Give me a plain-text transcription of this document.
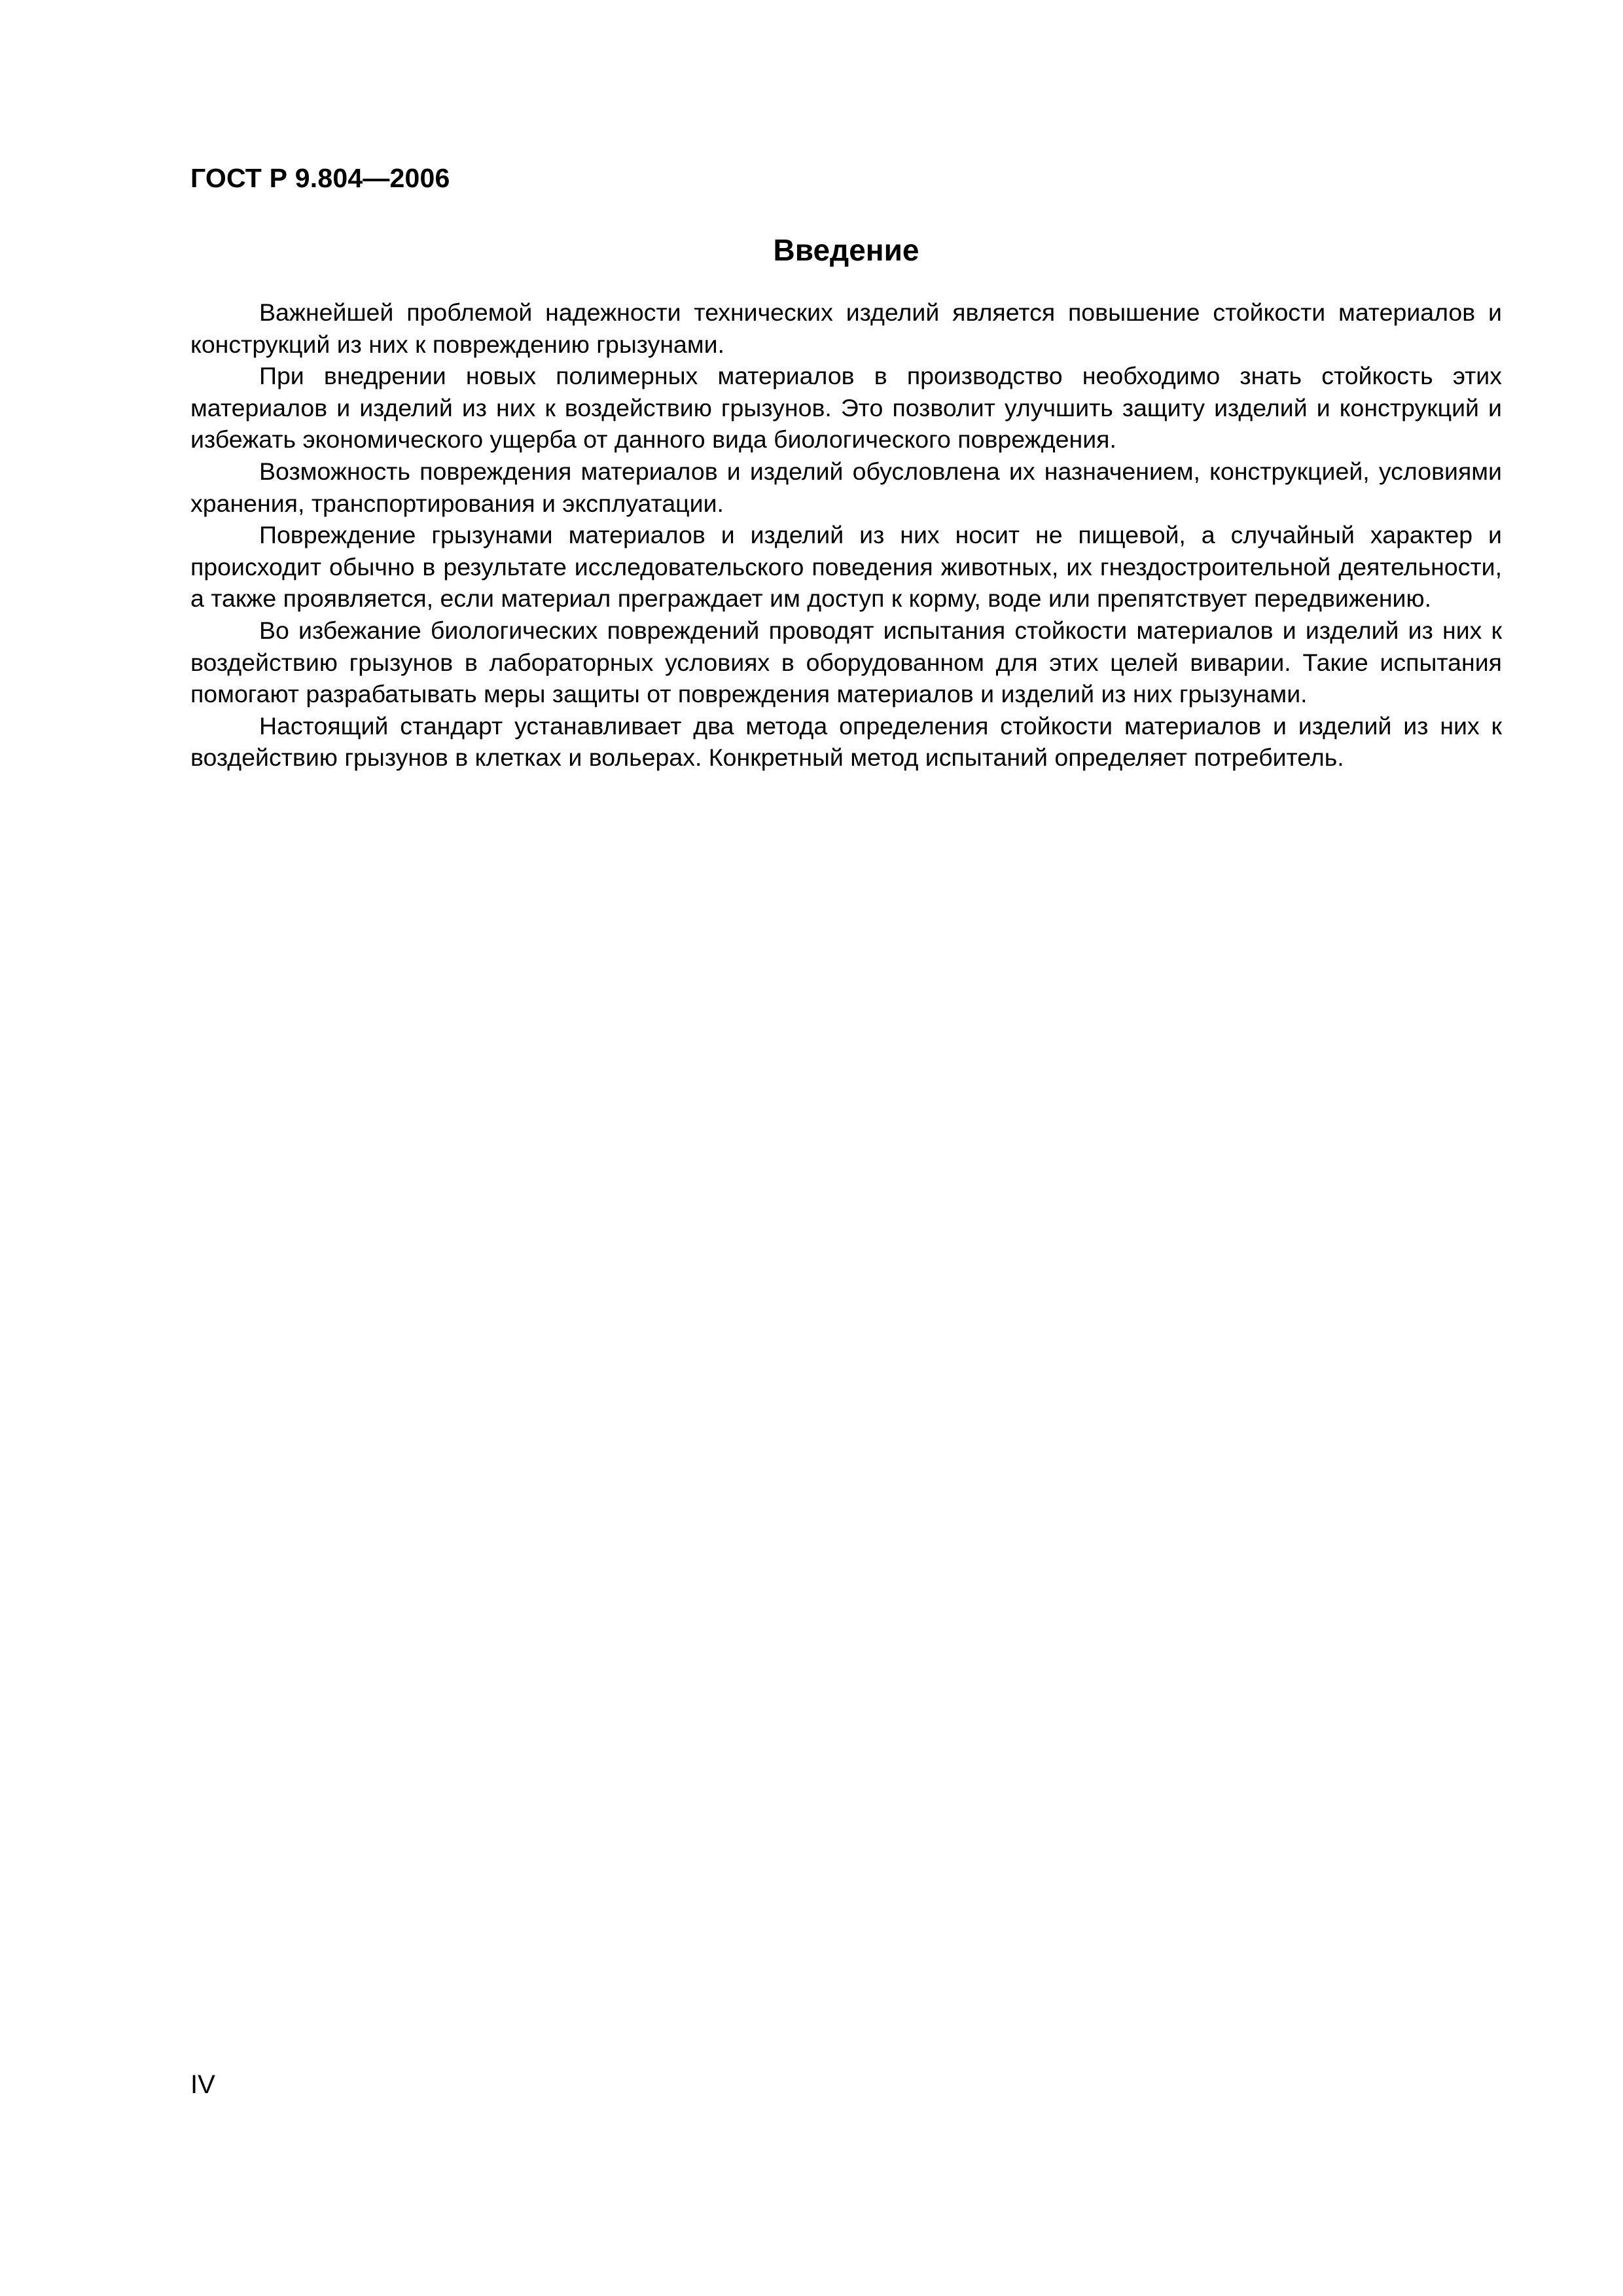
ГОСТ Р 9.804—2006
Введение

Важнейшей проблемой надежности технических изделий является повышение стойкости материалов и конструкций из них к повреждению грызунами.

При внедрении новых полимерных материалов в производство необходимо знать стойкость этих материалов и изделий из них к воздействию грызунов. Это позволит улучшить защиту изделий и конструкций и избежать экономического ущерба от данного вида биологического повреждения.

Возможность повреждения материалов и изделий обусловлена их назначением, конструкцией, условиями хранения, транспортирования и эксплуатации.

Повреждение грызунами материалов и изделий из них носит не пищевой, а случайный характер и происходит обычно в результате исследовательского поведения животных, их гнездостроительной деятельности, а также проявляется, если материал преграждает им доступ к корму, воде или препятствует передвижению.

Во избежание биологических повреждений проводят испытания стойкости материалов и изделий из них к воздействию грызунов в лабораторных условиях в оборудованном для этих целей виварии. Такие испытания помогают разрабатывать меры защиты от повреждения материалов и изделий из них грызунами.

Настоящий стандарт устанавливает два метода определения стойкости материалов и изделий из них к воздействию грызунов в клетках и вольерах. Конкретный метод испытаний определяет потребитель.

IV
